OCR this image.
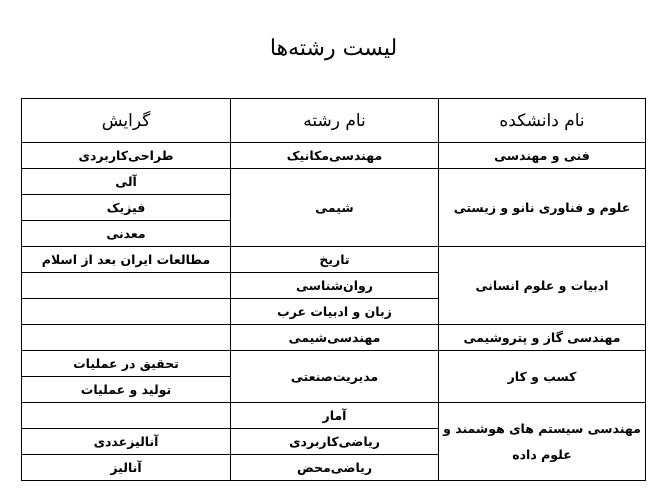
لیست رشته‌ها
نام دانشکده	نام رشته	گرایش
فنی و مهندسی	مهندسی‌مکانیک	طراحی‌کاربردی
علوم و فناوری نانو و زیستی	شیمی	آلی
		فیزیک
		معدنی
ادبیات و علوم انسانی	تاریخ	مطالعات ایران بعد از اسلام
	روان‌شناسی	
	زبان و ادبیات عرب	
مهندسی گاز و پتروشیمی	مهندسی‌شیمی	
کسب و کار	مدیریت‌صنعتی	تحقیق در عملیات
		تولید و عملیات
مهندسی سیستم های هوشمند و علوم داده	آمار	
	ریاضی‌کاربردی	آنالیزعددی
	ریاضی‌محض	آنالیز
